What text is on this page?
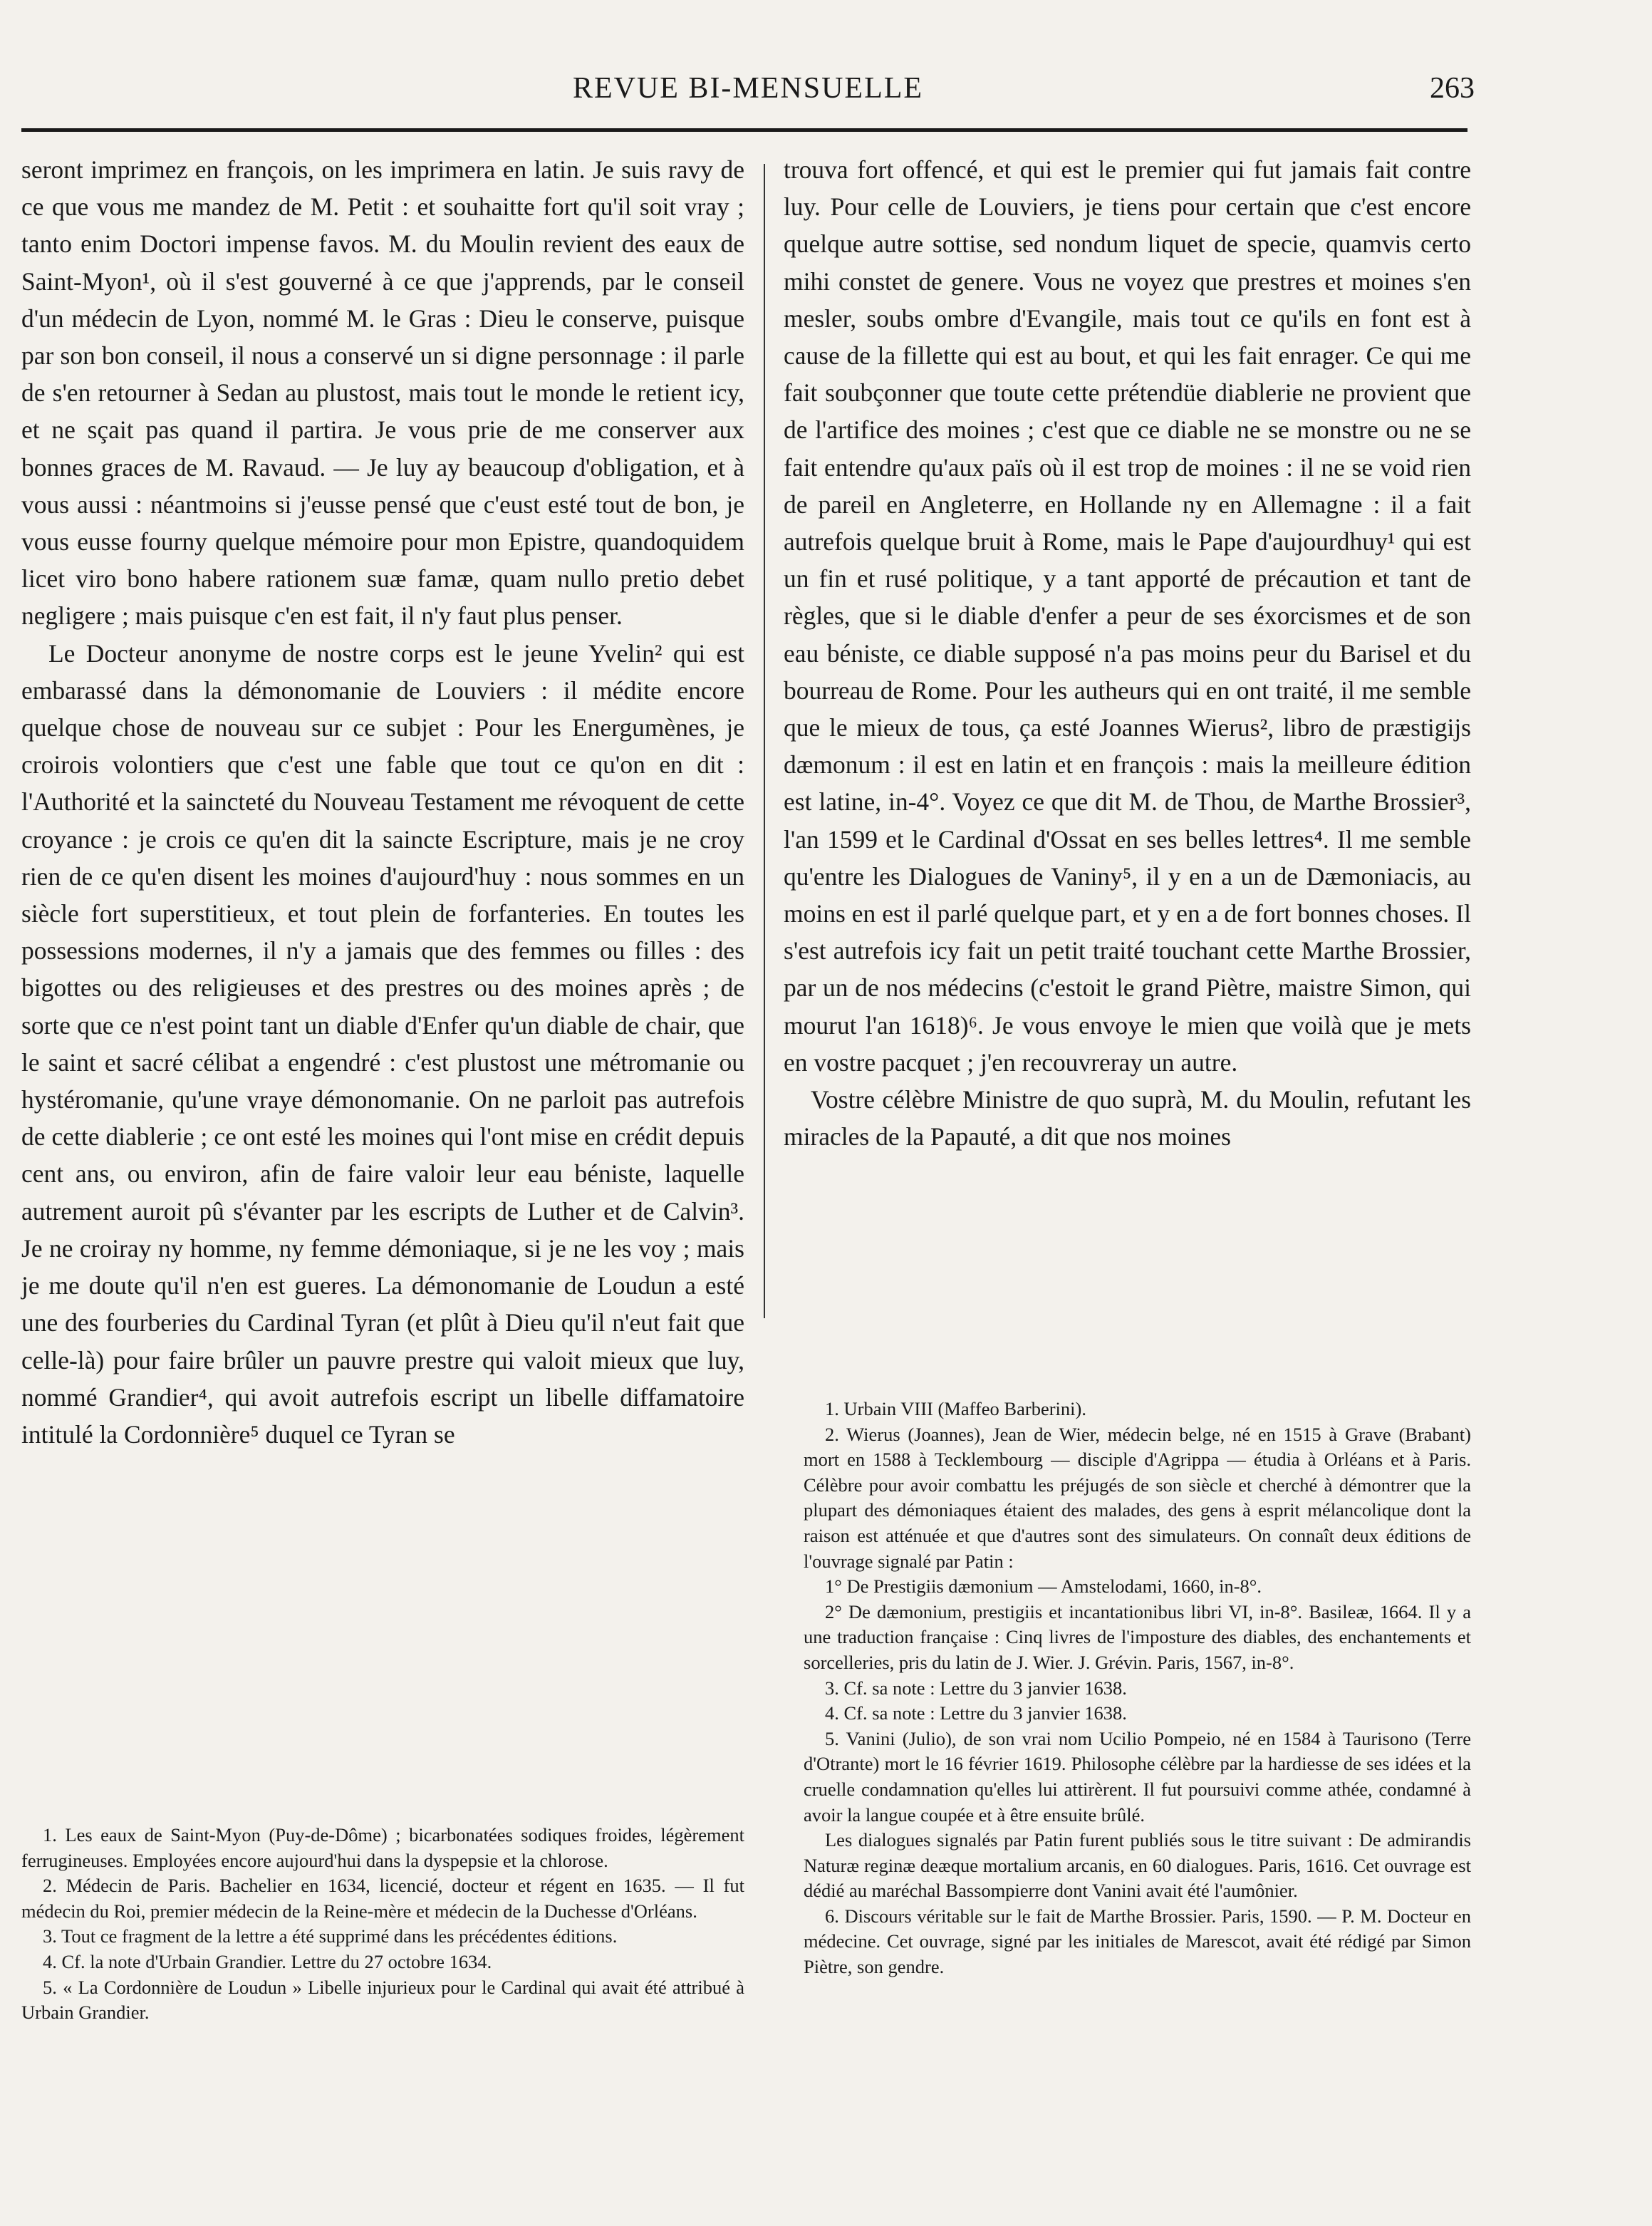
REVUE BI-MENSUELLE	263

seront imprimez en françois, on les imprimera en latin. Je suis ravy de ce que vous me mandez de M. Petit : et souhaitte fort qu'il soit vray ; tanto enim Doctori impense favos. M. du Moulin revient des eaux de Saint-Myon¹, où il s'est gouverné à ce que j'apprends, par le conseil d'un médecin de Lyon, nommé M. le Gras : Dieu le conserve, puisque par son bon conseil, il nous a conservé un si digne personnage : il parle de s'en retourner à Sedan au plustost, mais tout le monde le retient icy, et ne sçait pas quand il partira. Je vous prie de me conserver aux bonnes graces de M. Ravaud. — Je luy ay beaucoup d'obligation, et à vous aussi : néantmoins si j'eusse pensé que c'eust esté tout de bon, je vous eusse fourny quelque mémoire pour mon Epistre, quandoquidem licet viro bono habere rationem suæ famæ, quam nullo pretio debet negligere ; mais puisque c'en est fait, il n'y faut plus penser.

Le Docteur anonyme de nostre corps est le jeune Yvelin² qui est embarassé dans la démonomanie de Louviers : il médite encore quelque chose de nouveau sur ce subjet : Pour les Energumènes, je croirois volontiers que c'est une fable que tout ce qu'on en dit : l'Authorité et la saincteté du Nouveau Testament me révoquent de cette croyance : je crois ce qu'en dit la saincte Escripture, mais je ne croy rien de ce qu'en disent les moines d'aujourd'huy : nous sommes en un siècle fort superstitieux, et tout plein de forfanteries. En toutes les possessions modernes, il n'y a jamais que des femmes ou filles : des bigottes ou des religieuses et des prestres ou des moines après ; de sorte que ce n'est point tant un diable d'Enfer qu'un diable de chair, que le saint et sacré célibat a engendré : c'est plustost une métromanie ou hystéromanie, qu'une vraye démonomanie. On ne parloit pas autrefois de cette diablerie ; ce ont esté les moines qui l'ont mise en crédit depuis cent ans, ou environ, afin de faire valoir leur eau béniste, laquelle autrement auroit pû s'évanter par les escripts de Luther et de Calvin³. Je ne croiray ny homme, ny femme démoniaque, si je ne les voy ; mais je me doute qu'il n'en est gueres. La démonomanie de Loudun a esté une des fourberies du Cardinal Tyran (et plût à Dieu qu'il n'eut fait que celle-là) pour faire brûler un pauvre prestre qui valoit mieux que luy, nommé Grandier⁴, qui avoit autrefois escript un libelle diffamatoire intitulé la Cordonnière⁵ duquel ce Tyran se

trouva fort offencé, et qui est le premier qui fut jamais fait contre luy. Pour celle de Louviers, je tiens pour certain que c'est encore quelque autre sottise, sed nondum liquet de specie, quamvis certo mihi constet de genere. Vous ne voyez que prestres et moines s'en mesler, soubs ombre d'Evangile, mais tout ce qu'ils en font est à cause de la fillette qui est au bout, et qui les fait enrager. Ce qui me fait soubçonner que toute cette prétendüe diablerie ne provient que de l'artifice des moines ; c'est que ce diable ne se monstre ou ne se fait entendre qu'aux païs où il est trop de moines : il ne se void rien de pareil en Angleterre, en Hollande ny en Allemagne : il a fait autrefois quelque bruit à Rome, mais le Pape d'aujourdhuy¹ qui est un fin et rusé politique, y a tant apporté de précaution et tant de règles, que si le diable d'enfer a peur de ses éxorcismes et de son eau béniste, ce diable supposé n'a pas moins peur du Barisel et du bourreau de Rome. Pour les autheurs qui en ont traité, il me semble que le mieux de tous, ça esté Joannes Wierus², libro de præstigijs dæmonum : il est en latin et en françois : mais la meilleure édition est latine, in-4°. Voyez ce que dit M. de Thou, de Marthe Brossier³, l'an 1599 et le Cardinal d'Ossat en ses belles lettres⁴. Il me semble qu'entre les Dialogues de Vaniny⁵, il y en a un de Dæmoniacis, au moins en est il parlé quelque part, et y en a de fort bonnes choses. Il s'est autrefois icy fait un petit traité touchant cette Marthe Brossier, par un de nos médecins (c'estoit le grand Piètre, maistre Simon, qui mourut l'an 1618)⁶. Je vous envoye le mien que voilà que je mets en vostre pacquet ; j'en recouvreray un autre.

Vostre célèbre Ministre de quo suprà, M. du Moulin, refutant les miracles de la Papauté, a dit que nos moines

1. Urbain VIII (Maffeo Barberini).

2. Wierus (Joannes), Jean de Wier, médecin belge, né en 1515 à Grave (Brabant) mort en 1588 à Tecklembourg — disciple d'Agrippa — étudia à Orléans et à Paris. Célèbre pour avoir combattu les préjugés de son siècle et cherché à démontrer que la plupart des démoniaques étaient des malades, des gens à esprit mélancolique dont la raison est atténuée et que d'autres sont des simulateurs. On connaît deux éditions de l'ouvrage signalé par Patin :

1° De Prestigiis dæmonium — Amstelodami, 1660, in-8°.

2° De dæmonium, prestigiis et incantationibus libri VI, in-8°. Basileæ, 1664. Il y a une traduction française : Cinq livres de l'imposture des diables, des enchantements et sorcelleries, pris du latin de J. Wier. J. Grévin. Paris, 1567, in-8°.

3. Cf. sa note : Lettre du 3 janvier 1638.

4. Cf. sa note : Lettre du 3 janvier 1638.

5. Vanini (Julio), de son vrai nom Ucilio Pompeio, né en 1584 à Taurisono (Terre d'Otrante) mort le 16 février 1619. Philosophe célèbre par la hardiesse de ses idées et la cruelle condamnation qu'elles lui attirèrent. Il fut poursuivi comme athée, condamné à avoir la langue coupée et à être ensuite brûlé.

Les dialogues signalés par Patin furent publiés sous le titre suivant : De admirandis Naturæ reginæ deæque mortalium arcanis, en 60 dialogues. Paris, 1616. Cet ouvrage est dédié au maréchal Bassompierre dont Vanini avait été l'aumônier.

6. Discours véritable sur le fait de Marthe Brossier. Paris, 1590. — P. M. Docteur en médecine. Cet ouvrage, signé par les initiales de Marescot, avait été rédigé par Simon Piètre, son gendre.

1. Les eaux de Saint-Myon (Puy-de-Dôme) ; bicarbonatées sodiques froides, légèrement ferrugineuses. Employées encore aujourd'hui dans la dyspepsie et la chlorose.

2. Médecin de Paris. Bachelier en 1634, licencié, docteur et régent en 1635. — Il fut médecin du Roi, premier médecin de la Reine-mère et médecin de la Duchesse d'Orléans.

3. Tout ce fragment de la lettre a été supprimé dans les précédentes éditions.

4. Cf. la note d'Urbain Grandier. Lettre du 27 octobre 1634.

5. « La Cordonnière de Loudun » Libelle injurieux pour le Cardinal qui avait été attribué à Urbain Grandier.
